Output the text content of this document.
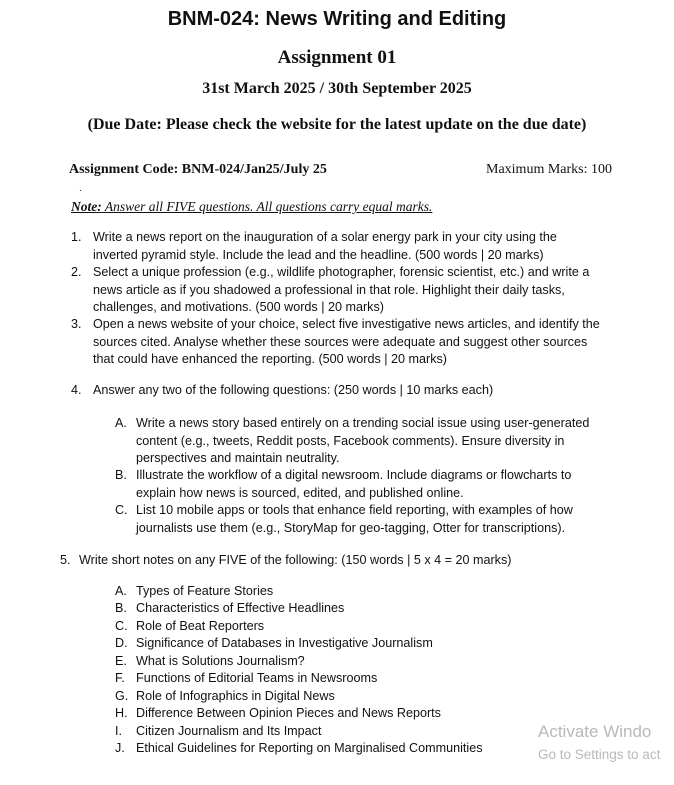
BNM-024: News Writing and Editing
Assignment 01
31st March 2025 / 30th September 2025
(Due Date: Please check the website for the latest update on the due date)
Assignment Code: BNM-024/Jan25/July 25	Maximum Marks: 100
.
Note: Answer all FIVE questions. All questions carry equal marks.
1. Write a news report on the inauguration of a solar energy park in your city using the
inverted pyramid style. Include the lead and the headline. (500 words | 20 marks)
2. Select a unique profession (e.g., wildlife photographer, forensic scientist, etc.) and write a
news article as if you shadowed a professional in that role. Highlight their daily tasks,
challenges, and motivations. (500 words | 20 marks)
3. Open a news website of your choice, select five investigative news articles, and identify the
sources cited. Analyse whether these sources were adequate and suggest other sources
that could have enhanced the reporting. (500 words | 20 marks)
4. Answer any two of the following questions: (250 words | 10 marks each)
A. Write a news story based entirely on a trending social issue using user-generated
content (e.g., tweets, Reddit posts, Facebook comments). Ensure diversity in
perspectives and maintain neutrality.
B. Illustrate the workflow of a digital newsroom. Include diagrams or flowcharts to
explain how news is sourced, edited, and published online.
C. List 10 mobile apps or tools that enhance field reporting, with examples of how
journalists use them (e.g., StoryMap for geo-tagging, Otter for transcriptions).
5. Write short notes on any FIVE of the following: (150 words | 5 x 4 = 20 marks)
A. Types of Feature Stories
B. Characteristics of Effective Headlines
C. Role of Beat Reporters
D. Significance of Databases in Investigative Journalism
E. What is Solutions Journalism?
F. Functions of Editorial Teams in Newsrooms
G. Role of Infographics in Digital News
H. Difference Between Opinion Pieces and News Reports
I. Citizen Journalism and Its Impact
J. Ethical Guidelines for Reporting on Marginalised Communities
Activate Windo
Go to Settings to act
